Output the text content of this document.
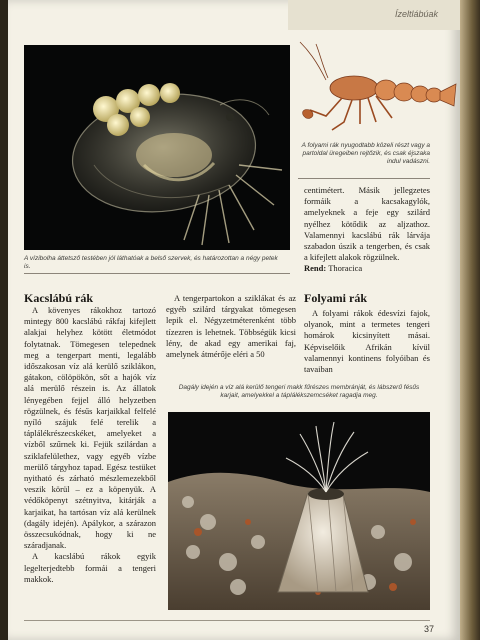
Ízeltlábúak
A vízibolha áttetsző testében jól láthatóak a belső szervek, és határozottan a négy petek is.
A folyami rák nyugodtabb közeli részt vagy a partoldal üregeiben rejtőzik, és csak éjszaka indul vadászni.
Kacslábú rák

A kövenyes rákokhoz tartozó mintegy 800 kacslábú rákfaj kifejlett alakjai helyhez kötött életmódot folytatnak. Tömegesen telepednek meg a tengerpart menti, legalább időszakosan víz alá kerülő sziklákon, gátakon, cölöpökön, sőt a hajók víz alá merülő részein is. Az állatok lényegében fejjel álló helyzetben rögzülnek, és fésűs karjaikkal felfelé nyíló szájuk felé terelik a táplálékrészecskéket, amelyeket a vízből szűrnek ki. Fejük szilárdan a sziklafelülethez, vagy egyéb vízbe merülő tárgyhoz tapad. Egész testüket nyitható és zárható mészlemezekből veszik körül – ez a köpenyük. A védőköpenyt szétnyitva, kitárják a karjaikat, ha tartósan víz alá kerülnek (dagály idején). Apálykor, a szárazon összecsukódnak, hogy ki ne száradjanak.

A kacslábú rákok egyik legelterjedtebb formái a tengeri makkok.

A tengerpartokon a sziklákat és az egyéb szilárd tárgyakat tömegesen lepik el. Négyzetméterenként több tízezren is lehetnek. Többségük kicsi lény, de akad egy amerikai faj, amelynek átmérője eléri a 50

centimétert. Másik jellegzetes formáik a kacsakagylók, amelyeknek a feje egy szilárd nyélhez kötődik az aljzathoz. Valamennyi kacslábú rák lárvája szabadon úszik a tengerben, és csak a kifejlett alakok rögzülnek.

Rend: Thoracica

Folyami rák

A folyami rákok édesvízi fajok, olyanok, mint a termetes tengeri homárok kicsinyített másai. Képviselőik Afrikán kívül valamennyi kontinens folyóiban és tavaiban

Dagály idején a víz alá kerülő tengeri makk fűrészes membránját, és lábszerű fésűs karjait, amelyekkel a táplálékszemcséket ragadja meg.
37
